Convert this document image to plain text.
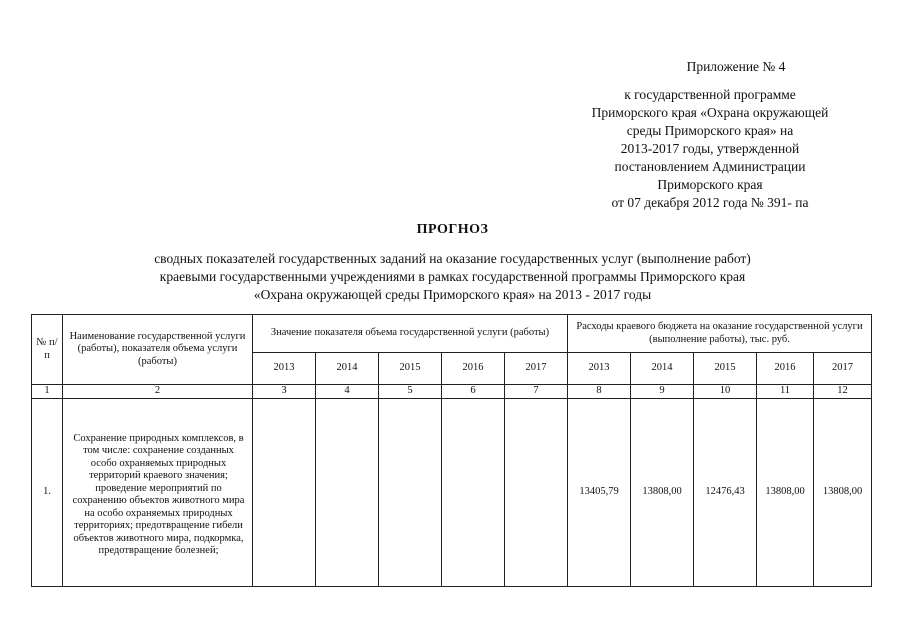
Приложение № 4
к государственной программе
Приморского края «Охрана окружающей
среды Приморского края» на
2013-2017 годы, утвержденной
постановлением Администрации
Приморского края
от 07 декабря 2012 года № 391- па
ПРОГНОЗ
сводных показателей государственных заданий на оказание государственных услуг (выполнение работ)
краевыми государственными учреждениями в рамках государственной программы Приморского края
«Охрана окружающей среды Приморского края» на 2013 - 2017 годы
№ п/п	Наименование государственной услуги (работы), показателя объема услуги (работы)	Значение показателя объема государственной услуги (работы)					Расходы краевого бюджета на оказание государственной услуги (выполнение работы), тыс. руб.				

		2013	2014	2015	2016	2017	2013	2014	2015	2016	2017
1	2	3	4	5	6	7	8	9	10	11	12
1.	Сохранение природных комплексов, в том числе: сохранение созданных особо охраняемых природных территорий краевого значения; проведение мероприятий по сохранению объектов животного мира на особо охраняемых природных территориях; предотвращение гибели объектов животного мира, подкормка, предотвращение болезней;						13405,79	13808,00	12476,43	13808,00	13808,00
